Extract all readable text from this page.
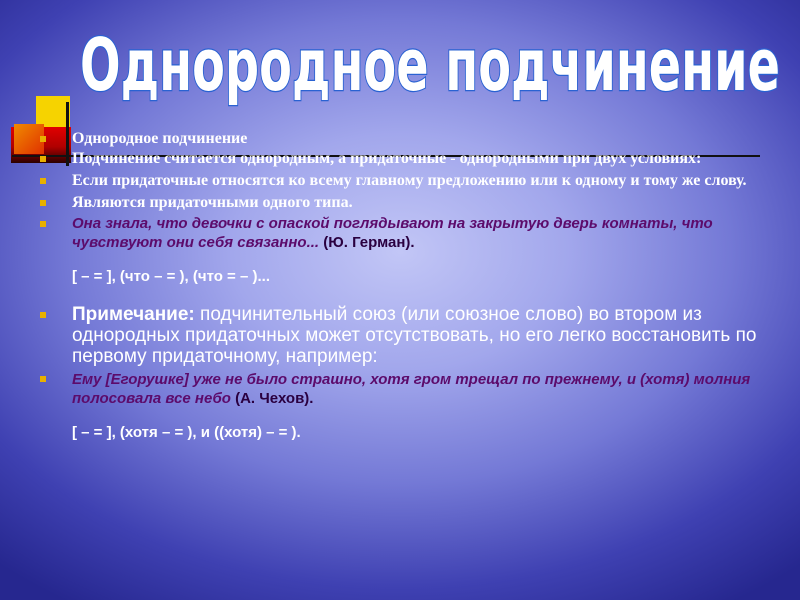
Однородное подчинение
Однородное подчинение
Подчинение считается однородным, а придаточные - однородными при двух условиях:
Если придаточные относятся ко всему главному предложению или к одному и тому же слову.
Являются придаточными одного типа.
Она знала, что девочки с опаской поглядывают на закрытую дверь комнаты, что чувствуют они себя связанно... (Ю. Герман).
[ – = ], (что – = ), (что = – )...
Примечание: подчинительный союз (или союзное слово) во втором из однородных придаточных может отсутствовать, но его легко восстановить по первому придаточному, например:
Ему [Егорушке] уже не было страшно, хотя гром трещал по прежнему, и (хотя) молния полосовала все небо (А. Чехов).
[ – = ], (хотя – = ), и ((хотя) – = ).
